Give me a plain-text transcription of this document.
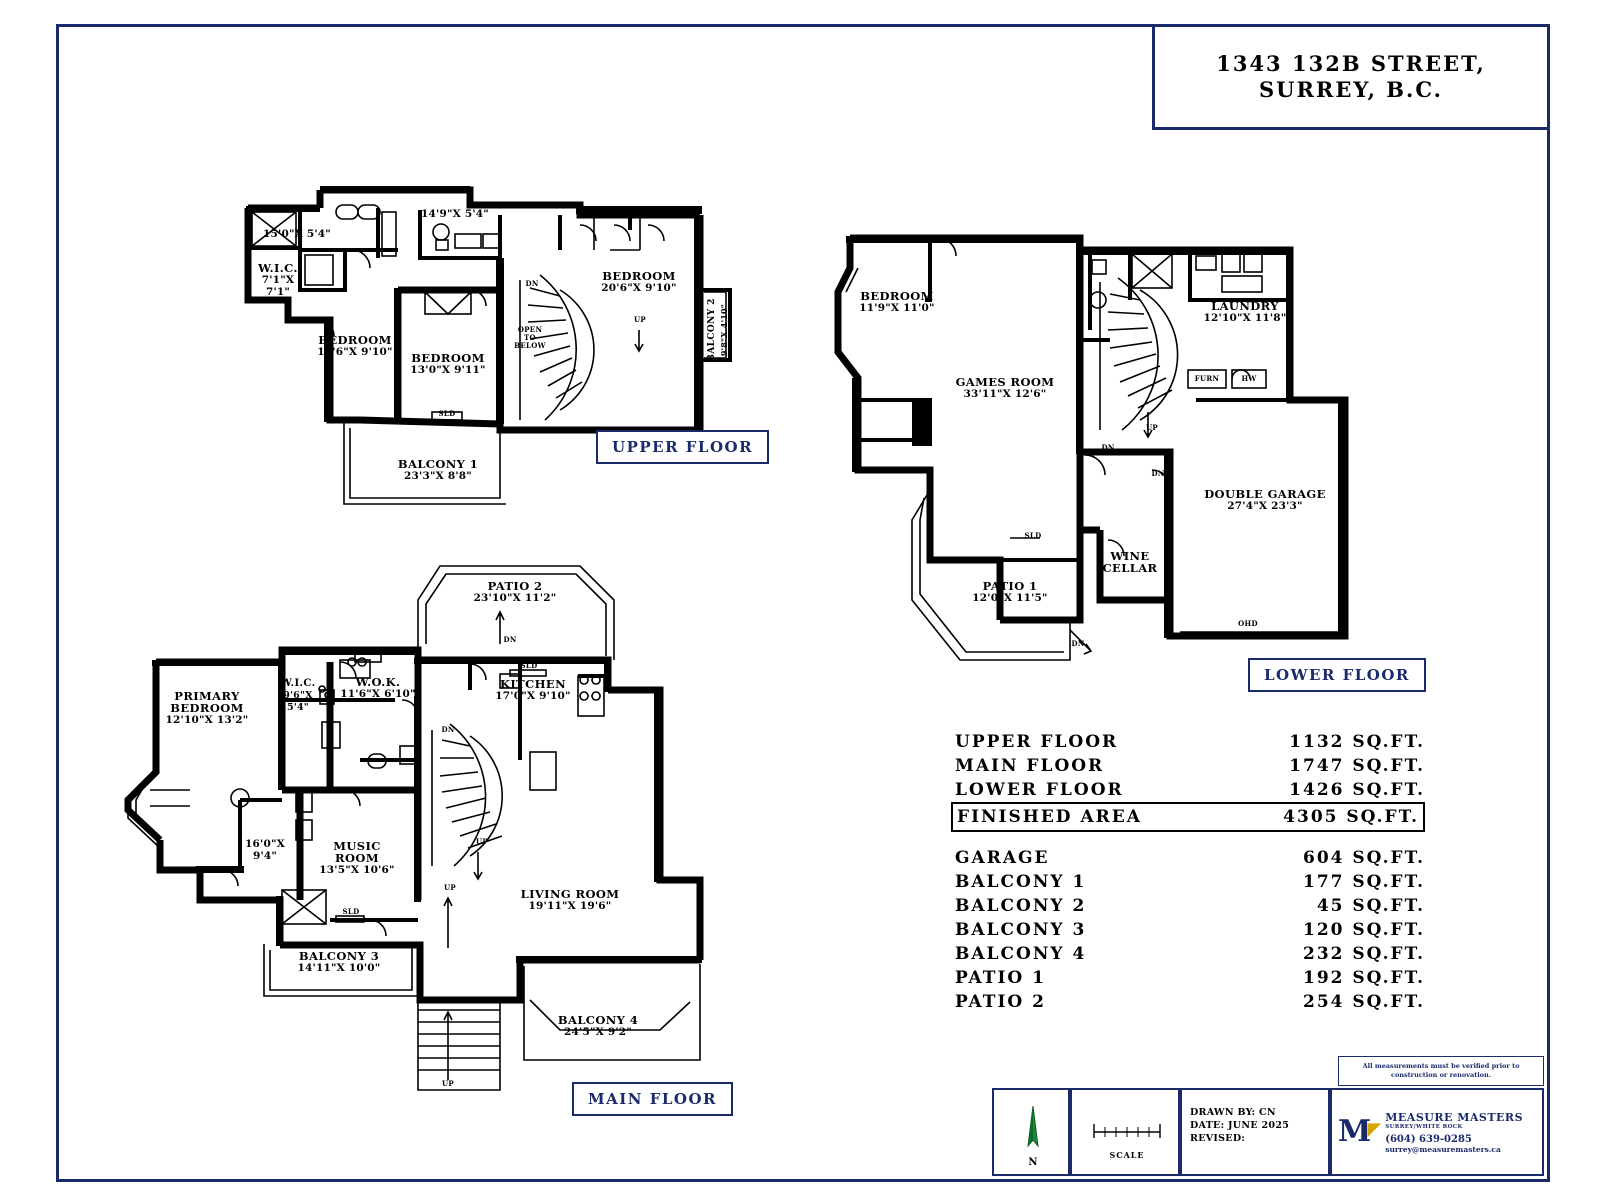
1343 132B STREET,
SURREY, B.C.
15'0"X 5'4"
14'9"X 5'4"
W.I.C.
7'1"X
7'1"
BEDROOM
15'6"X 9'10"	BEDROOM
13'0"X 9'11"
BEDROOM
20'6"X 9'10"
BALCONY 1
23'3"X 8'8"
BALCONY 2 9'8"X 4'10"
OPEN
TO
BELOW
DN
UP
SLD
UPPER FLOOR
BEDROOM
11'9"X 11'0"
GAMES ROOM
33'11"X 12'6"
LAUNDRY
12'10"X 11'8"
DOUBLE GARAGE
27'4"X 23'3"
WINE
CELLAR
PATIO 1
12'0"X 11'5"
FURN	HW
OHD
SLD
DN
DN
DN
UP
LOWER FLOOR
PRIMARY
BEDROOM
12'10"X 13'2"
W.I.C.
9'6"X
5'4"
W.O.K.
11'6"X 6'10"
KITCHEN
17'0"X 9'10"
MUSIC
ROOM
13'5"X 10'6"
LIVING ROOM
19'11"X 19'6"
PATIO 2
23'10"X 11'2"
BALCONY 3
14'11"X 10'0"
BALCONY 4
24'5"X 9'2"
16'0"X
9'4"
DN
DN
UP
UP
UP
SLD
SLD
MAIN FLOOR
UPPER FLOOR	1132 SQ.FT.
MAIN FLOOR	1747 SQ.FT.
LOWER FLOOR	1426 SQ.FT.
FINISHED AREA	4305 SQ.FT.
GARAGE	604 SQ.FT.
BALCONY 1	177 SQ.FT.
BALCONY 2	45 SQ.FT.
BALCONY 3	120 SQ.FT.
BALCONY 4	232 SQ.FT.
PATIO 1	192 SQ.FT.
PATIO 2	254 SQ.FT.
All measurements must be verified prior to construction or renovation.
N
SCALE
DRAWN BY: CN
DATE: JUNE 2025
REVISED:	M
◤
MEASURE MASTERS
SURREY/WHITE ROCK
(604) 639-0285
surrey@measuremasters.ca
